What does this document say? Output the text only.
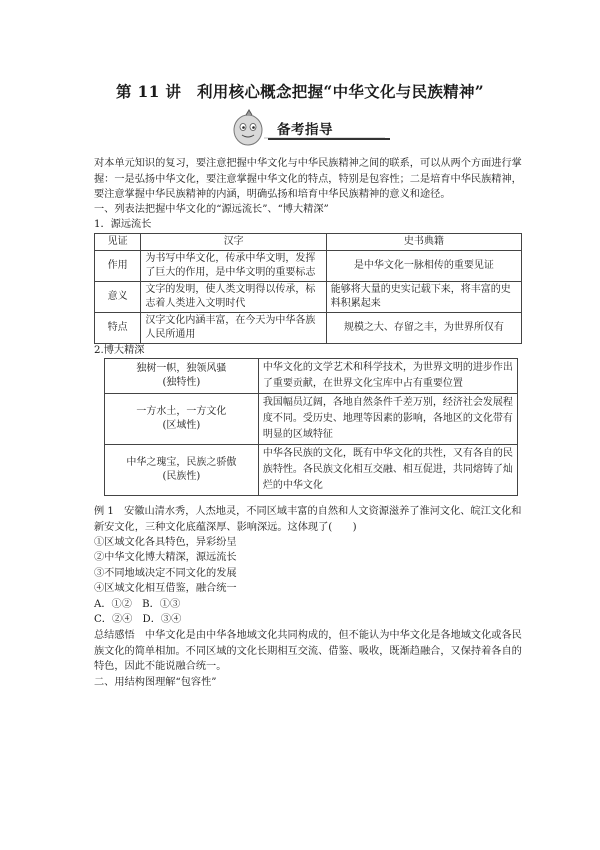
第 11 讲　利用核心概念把握“中华文化与民族精神”
备考指导

对本单元知识的复习，要注意把握中华文化与中华民族精神之间的联系，可以从两个方面进行掌握：一是弘扬中华文化，要注意掌握中华文化的特点，特别是包容性；二是培育中华民族精神，要注意掌握中华民族精神的内涵，明确弘扬和培育中华民族精神的意义和途径。

一、列表法把握中华文化的“源远流长”、“博大精深”

1．源远流长

见证	汉字	史书典籍
作用	为书写中华文化，传承中华文明，发挥了巨大的作用，是中华文明的重要标志	是中华文化一脉相传的重要见证
意义	文字的发明，使人类文明得以传承，标志着人类进入文明时代	能够将大量的史实记载下来，将丰富的史料积累起来
特点	汉字文化内涵丰富，在今天为中华各族人民所通用	规模之大、存留之丰，为世界所仅有

2.博大精深

独树一帜，独领风骚
(独特性)	中华文化的文学艺术和科学技术，为世界文明的进步作出了重要贡献，在世界文化宝库中占有重要位置

一方水土，一方文化
(区域性)	我国幅员辽阔，各地自然条件千差万别，经济社会发展程度不同。受历史、地理等因素的影响，各地区的文化带有明显的区域特征

中华之瑰宝，民族之骄傲
(民族性)	中华各民族的文化，既有中华文化的共性，又有各自的民族特性。各民族文化相互交融、相互促进，共同熔铸了灿烂的中华文化

例 1　安徽山清水秀，人杰地灵，不同区域丰富的自然和人文资源滋养了淮河文化、皖江文化和新安文化，三种文化底蕴深厚、影响深远。这体现了(　　)

①区域文化各具特色，异彩纷呈

②中华文化博大精深，源远流长

③不同地域决定不同文化的发展

④区域文化相互借鉴，融合统一

A．①②　B．①③

C．②④　D．③④

总结感悟　中华文化是由中华各地域文化共同构成的，但不能认为中华文化是各地域文化或各民族文化的简单相加。不同区域的文化长期相互交流、借鉴、吸收，既渐趋融合，又保持着各自的特色，因此不能说融合统一。

二、用结构图理解“包容性”
